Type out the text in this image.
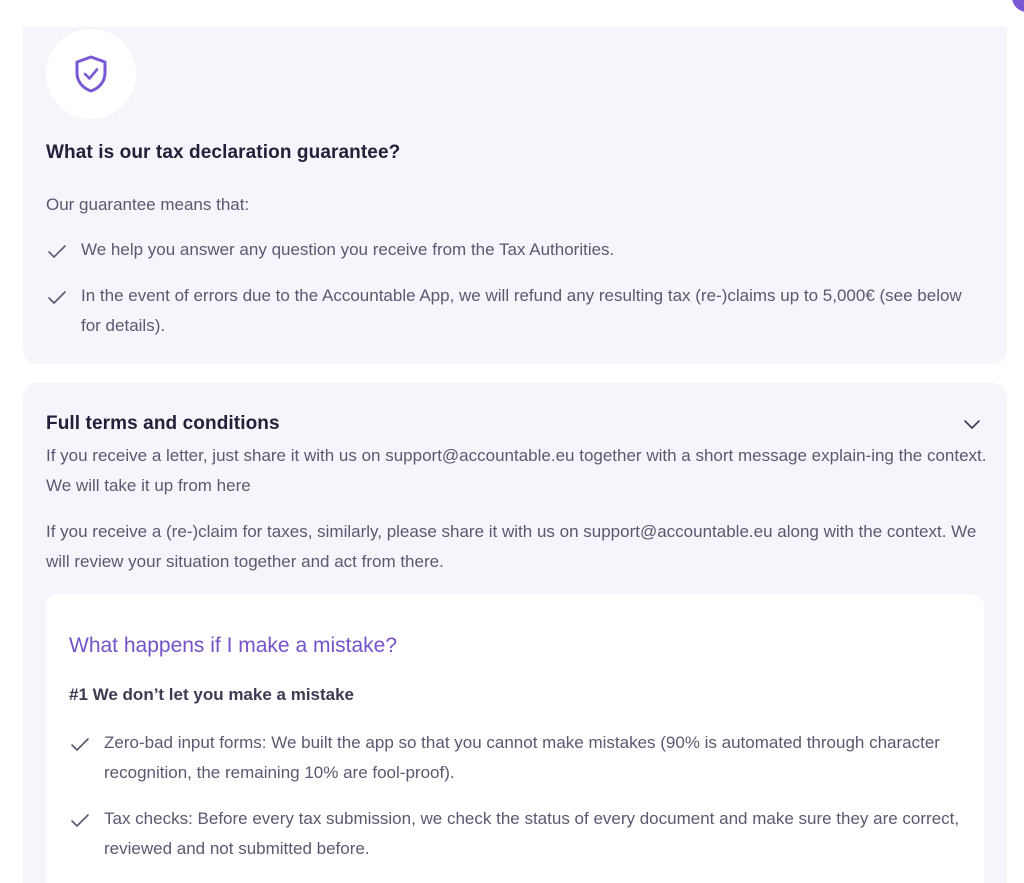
What is our tax declaration guarantee?

Our guarantee means that:

We help you answer any question you receive from the Tax Authorities.
In the event of errors due to the Accountable App, we will refund any resulting tax (re-)claims up to 5,000€ (see below for details).
Full terms and conditions

If you receive a letter, just share it with us on support@accountable.eu together with a short message explain-ing the context. We will take it up from here

If you receive a (re-)claim for taxes, similarly, please share it with us on support@accountable.eu along with the context. We will review your situation together and act from there.

What happens if I make a mistake?

#1 We don’t let you make a mistake

Zero-bad input forms: We built the app so that you cannot make mistakes (90% is automated through character recognition, the remaining 10% are fool-proof).
Tax checks: Before every tax submission, we check the status of every document and make sure they are correct, reviewed and not submitted before.
